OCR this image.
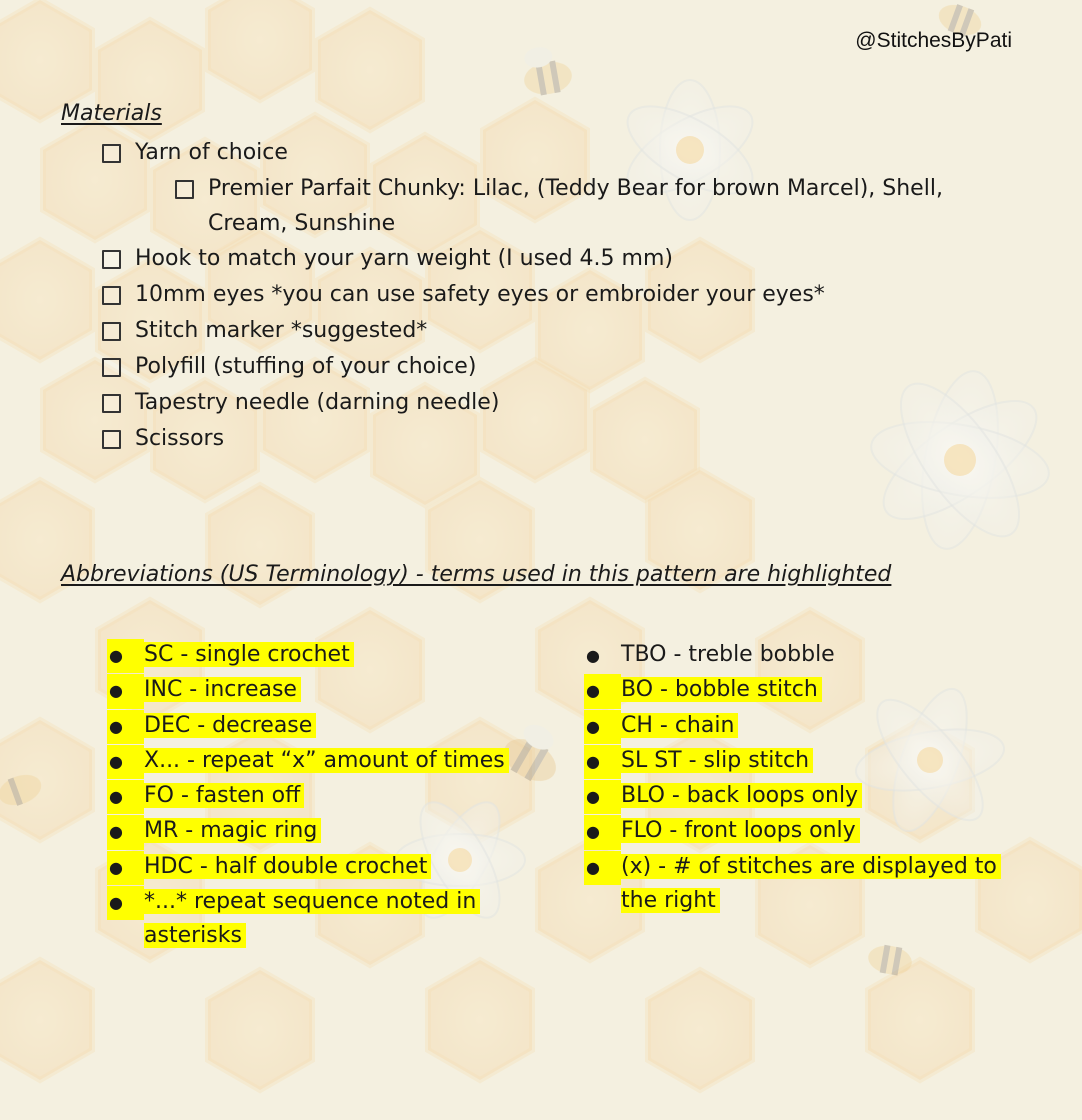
@StitchesByPati
Materials
Yarn of choice
Premier Parfait Chunky: Lilac, (Teddy Bear for brown Marcel), Shell, Cream, Sunshine
Hook to match your yarn weight (I used 4.5 mm)
10mm eyes *you can use safety eyes or embroider your eyes*
Stitch marker *suggested*
Polyfill (stuffing of your choice)
Tapestry needle (darning needle)
Scissors
Abbreviations (US Terminology) - terms used in this pattern are highlighted
● SC - single crochet
● INC - increase
● DEC - decrease
● X... - repeat “x” amount of times
● FO - fasten off
● MR - magic ring
● HDC - half double crochet
● *...* repeat sequence noted in asterisks
● TBO - treble bobble
● BO - bobble stitch
● CH - chain
● SL ST - slip stitch
● BLO - back loops only
● FLO - front loops only
● (x) - # of stitches are displayed to the right
